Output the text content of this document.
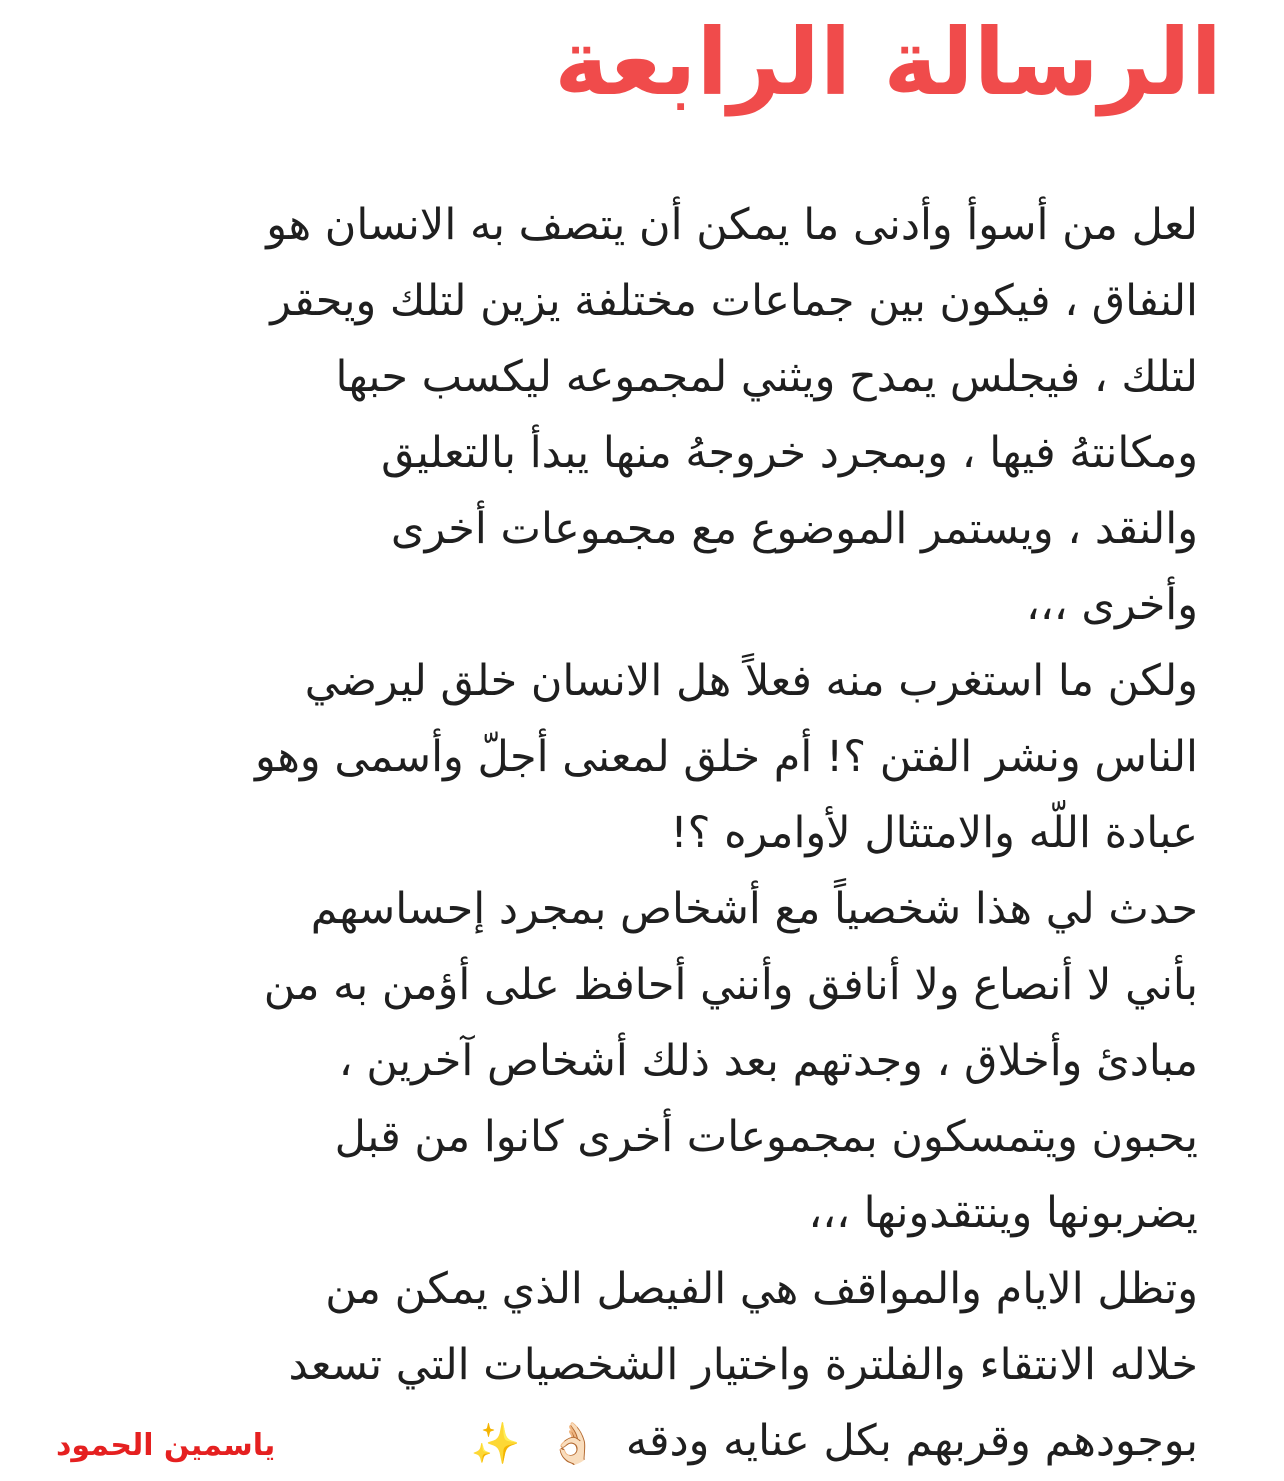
الرسالة الرابعة
لعل من أسوأ وأدنى ما يمكن أن يتصف به الانسان هو
النفاق ، فيكون بين جماعات مختلفة يزين لتلك ويحقر
لتلك ، فيجلس يمدح ويثني لمجموعه ليكسب حبها
ومكانتهُ فيها ، وبمجرد خروجهُ منها يبدأ بالتعليق
والنقد ، ويستمر الموضوع مع مجموعات أخرى
وأخرى ،،،
ولكن ما استغرب منه فعلاً هل الانسان خلق ليرضي
الناس ونشر الفتن ؟! أم خلق لمعنى أجلّ وأسمى وهو
عبادة اللّه والامتثال لأوامره ؟!
حدث لي هذا شخصياً مع أشخاص بمجرد إحساسهم
بأني لا أنصاع ولا أنافق وأنني أحافظ على أؤمن به من
مبادئ وأخلاق ، وجدتهم بعد ذلك أشخاص آخرين ،
يحبون ويتمسكون بمجموعات أخرى كانوا من قبل
يضربونها وينتقدونها ،،،
وتظل الايام والمواقف هي الفيصل الذي يمكن من
خلاله الانتقاء والفلترة واختيار الشخصيات التي تسعد
بوجودهم وقربهم بكل عنايه ودقه 👌🏻 ✨
ياسمين الحمود
